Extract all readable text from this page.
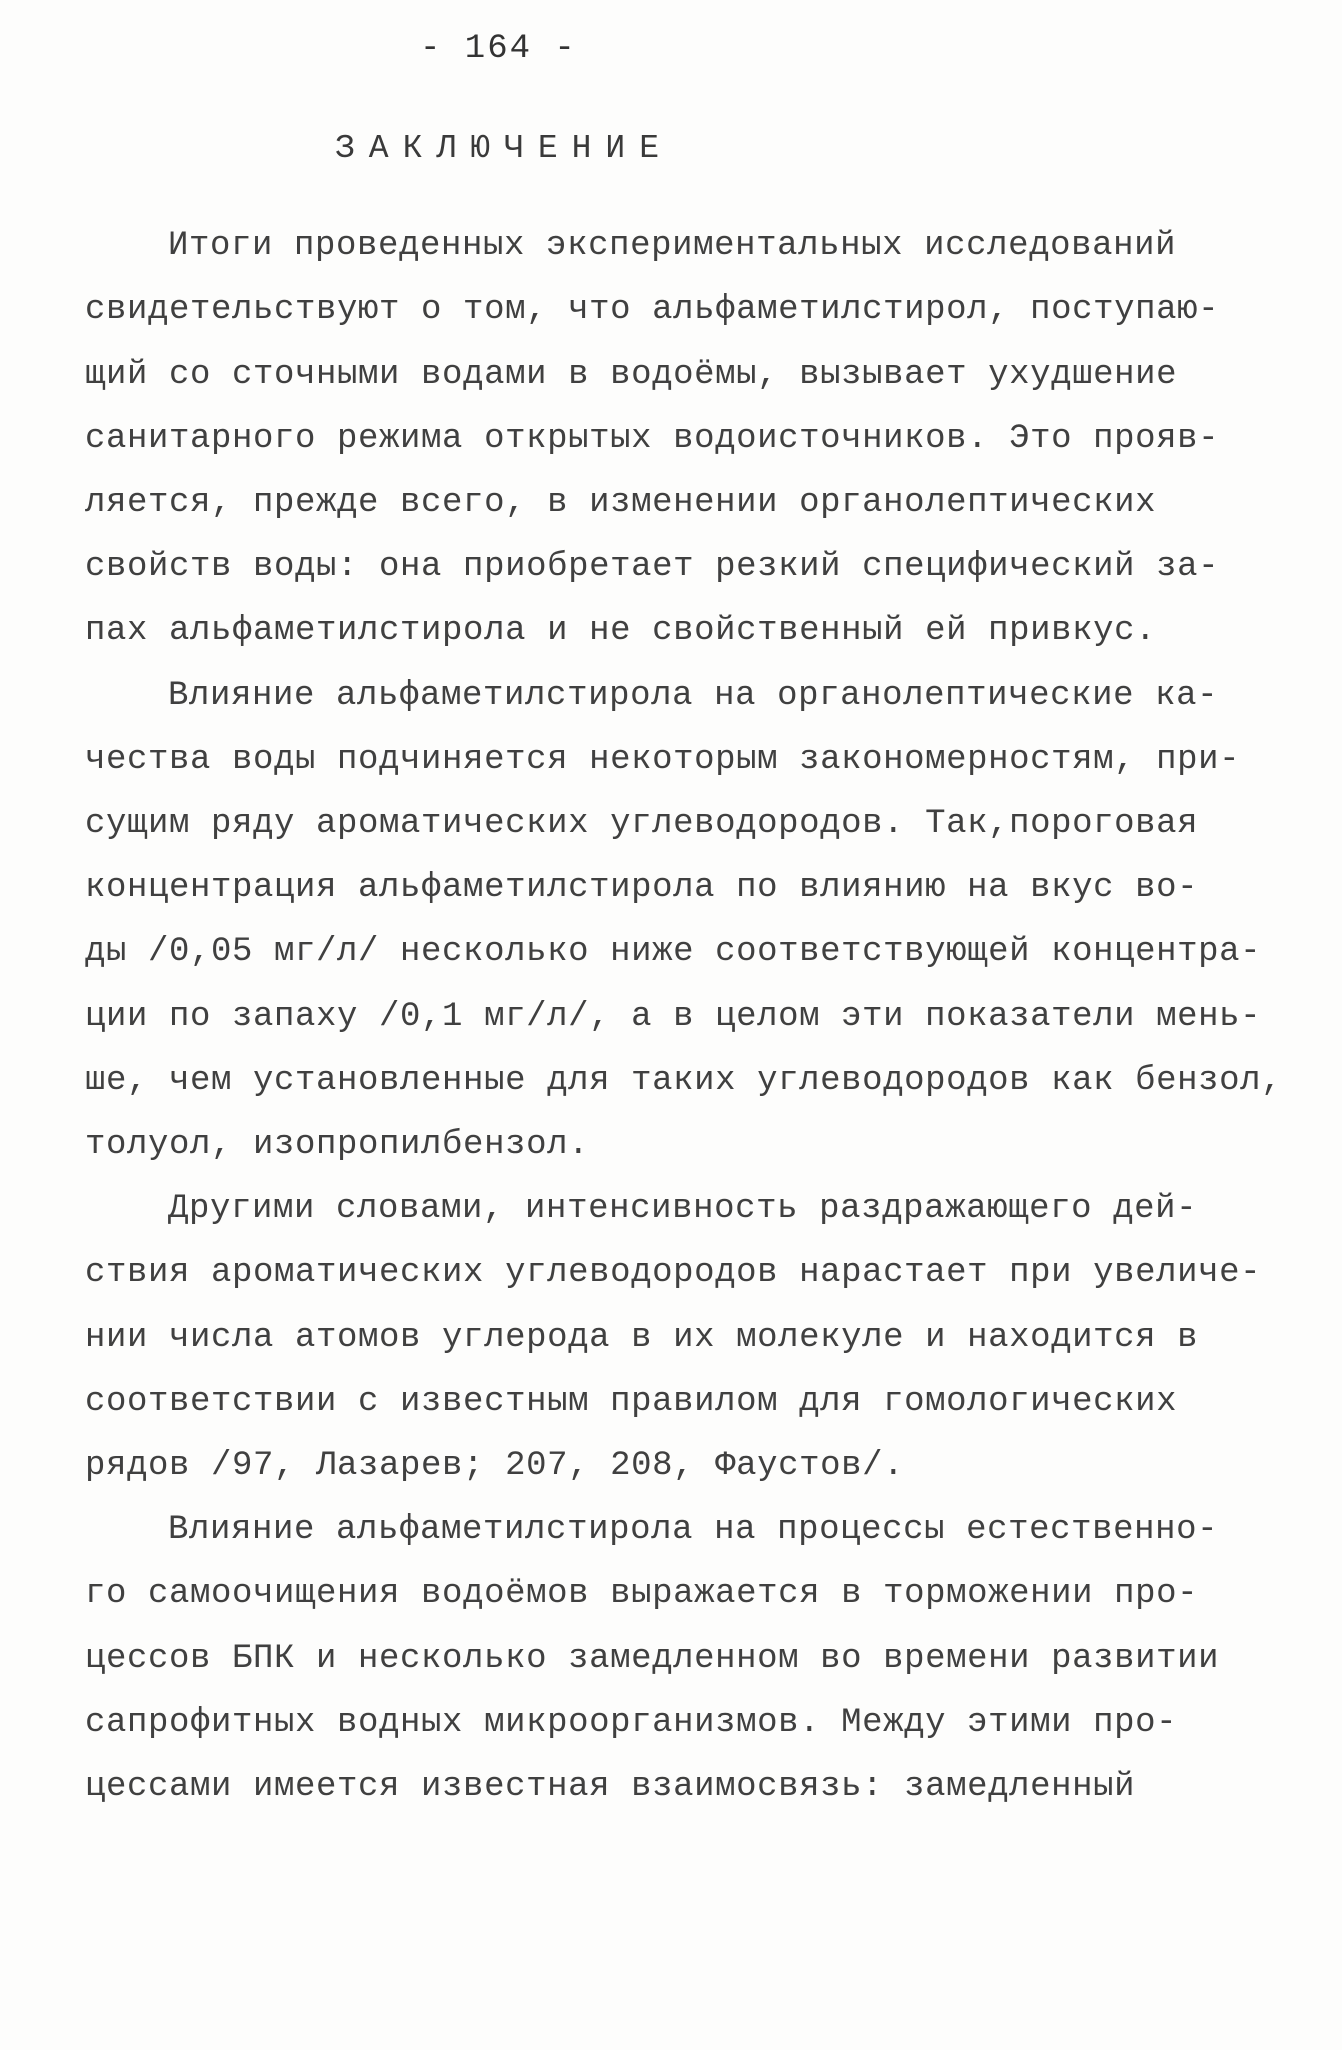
- 164 -
ЗАКЛЮЧЕНИЕ
Итоги проведенных экспериментальных исследований
свидетельствуют о том, что альфаметилстирол, поступаю-
щий со сточными водами в водоёмы, вызывает ухудшение
санитарного режима открытых водоисточников. Это прояв-
ляется, прежде всего, в изменении органолептических
свойств воды: она приобретает резкий специфический за-
пах альфаметилстирола и не свойственный ей привкус.
Влияние альфаметилстирола на органолептические ка-
чества воды подчиняется некоторым закономерностям, при-
сущим ряду ароматических углеводородов. Так,пороговая
концентрация альфаметилстирола по влиянию на вкус во-
ды /0,05 мг/л/ несколько ниже соответствующей концентра-
ции по запаху /0,1 мг/л/, а в целом эти показатели мень-
ше, чем установленные для таких углеводородов как бензол,
толуол, изопропилбензол.
Другими словами, интенсивность раздражающего дей-
ствия ароматических углеводородов нарастает при увеличе-
нии числа атомов углерода в их молекуле и находится в
соответствии с известным правилом для гомологических
рядов /97, Лазарев; 207, 208, Фаустов/.
Влияние альфаметилстирола на процессы естественно-
го самоочищения водоёмов выражается в торможении про-
цессов БПК и несколько замедленном во времени развитии
сапрофитных водных микроорганизмов. Между этими про-
цессами имеется известная взаимосвязь: замедленный
